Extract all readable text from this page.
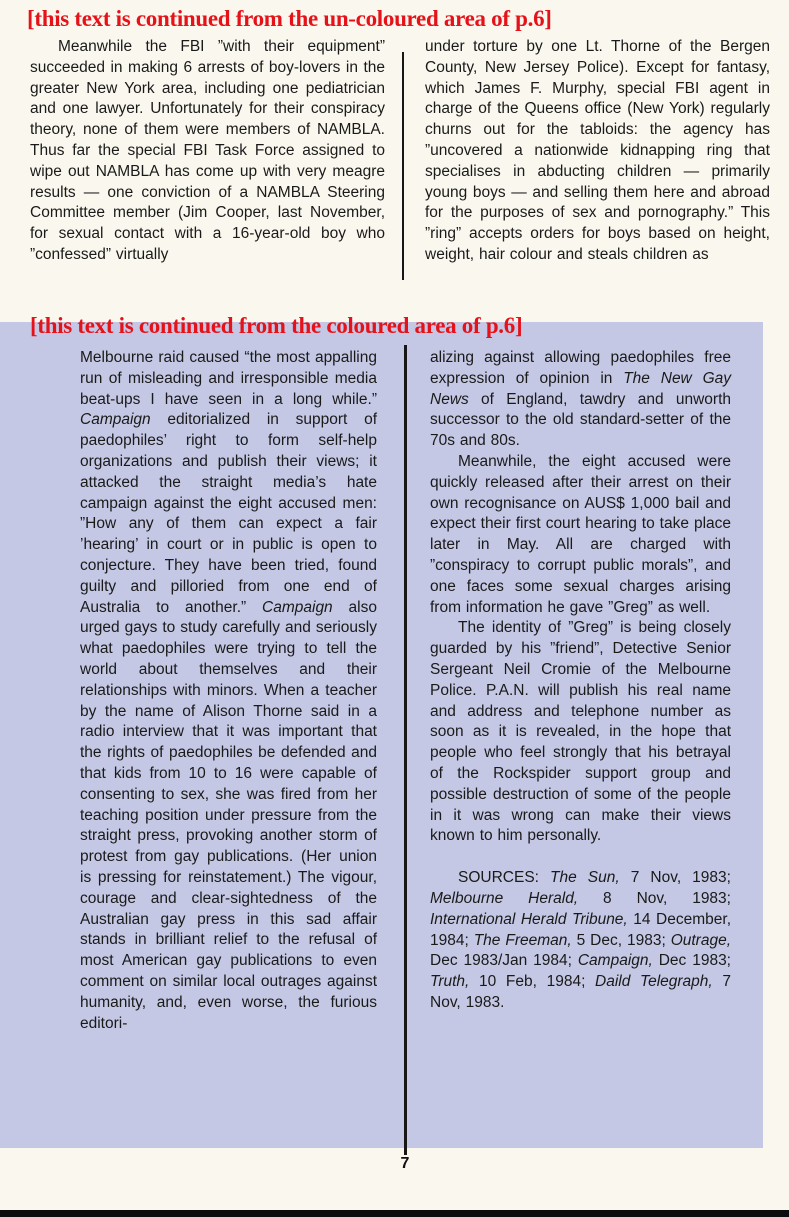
[this text is continued from the un-coloured area of p.6]

Meanwhile the FBI ”with their equipment” succeeded in making 6 arrests of boy-lovers in the greater New York area, including one pediatrician and one lawyer. Unfortunately for their conspiracy theory, none of them were members of NAMBLA. Thus far the special FBI Task Force assigned to wipe out NAMBLA has come up with very meagre results — one conviction of a NAMBLA Steering Committee member (Jim Cooper, last November, for sexual contact with a 16-year-old boy who ”confessed” virtually

under torture by one Lt. Thorne of the Bergen County, New Jersey Police). Except for fantasy, which James F. Murphy, special FBI agent in charge of the Queens office (New York) regularly churns out for the tabloids: the agency has ”uncovered a nationwide kidnapping ring that specialises in abducting children — primarily young boys — and selling them here and abroad for the purposes of sex and pornography.” This ”ring” accepts orders for boys based on height, weight, hair colour and steals children as

[this text is continued from the coloured area of p.6]

Melbourne raid caused “the most appalling run of misleading and irresponsible media beat-ups I have seen in a long while.” Campaign editorialized in support of paedophiles’ right to form self-help organizations and publish their views; it attacked the straight media’s hate campaign against the eight accused men: ”How any of them can expect a fair ’hearing’ in court or in public is open to conjecture. They have been tried, found guilty and pilloried from one end of Australia to another.” Campaign also urged gays to study carefully and seriously what paedophiles were trying to tell the world about themselves and their relationships with minors. When a teacher by the name of Alison Thorne said in a radio interview that it was important that the rights of paedophiles be defended and that kids from 10 to 16 were capable of consenting to sex, she was fired from her teaching position under pressure from the straight press, provoking another storm of protest from gay publications. (Her union is pressing for reinstatement.) The vigour, courage and clear-sightedness of the Australian gay press in this sad affair stands in brilliant relief to the refusal of most American gay publications to even comment on similar local outrages against humanity, and, even worse, the furious editori-

alizing against allowing paedophiles free expression of opinion in The New Gay News of England, tawdry and unworth successor to the old standard-setter of the 70s and 80s.

Meanwhile, the eight accused were quickly released after their arrest on their own recognisance on AUS$ 1,000 bail and expect their first court hearing to take place later in May. All are charged with ”conspiracy to corrupt public morals”, and one faces some sexual charges arising from information he gave ”Greg” as well.

The identity of ”Greg” is being closely guarded by his ”friend”, Detective Senior Sergeant Neil Cromie of the Melbourne Police. P.A.N. will publish his real name and address and telephone number as soon as it is revealed, in the hope that people who feel strongly that his betrayal of the Rockspider support group and possible destruction of some of the people in it was wrong can make their views known to him personally.

SOURCES: The Sun, 7 Nov, 1983; Melbourne Herald, 8 Nov, 1983; International Herald Tribune, 14 December, 1984; The Freeman, 5 Dec, 1983; Outrage, Dec 1983/Jan 1984; Campaign, Dec 1983; Truth, 10 Feb, 1984; Daild Telegraph, 7 Nov, 1983.

7
